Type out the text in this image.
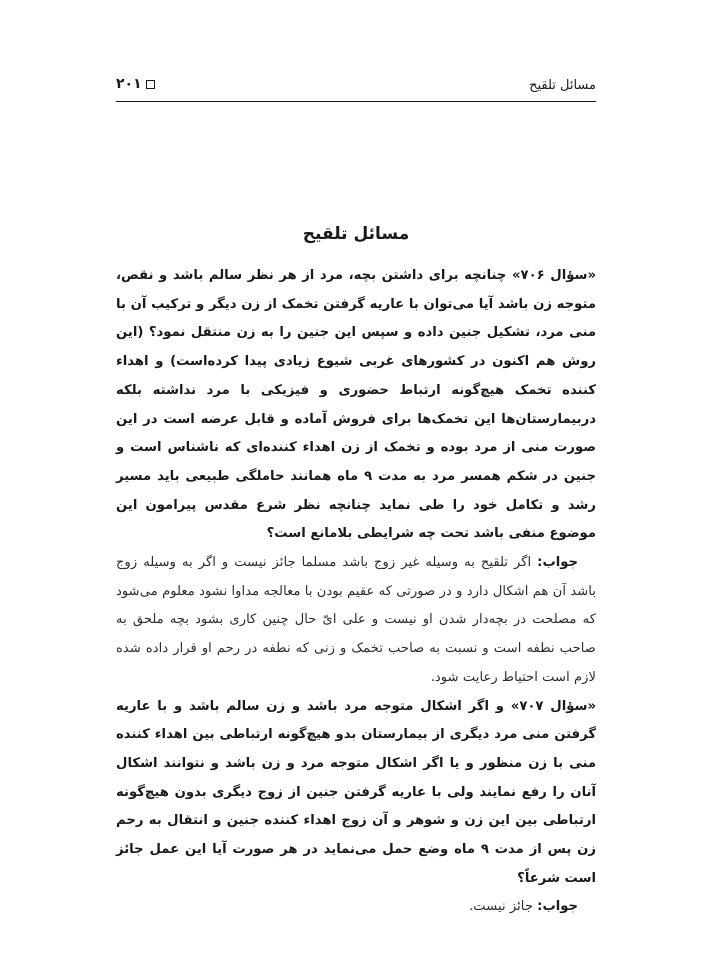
مسائل تلقیح
۲۰۱
مسائل تلقیح

«سؤال ۷۰۶» چنانچه برای داشتن بچه، مرد از هر نظر سالم باشد و نقص، متوجه زن باشد آیا می‌توان با عاریه گرفتن تخمک از زن دیگر و ترکیب آن با منی مرد، تشکیل جنین داده و سپس این جنین را به زن منتقل نمود؟ (این روش هم اکنون در کشورهای غربی شیوع زیادی پیدا کرده‌است) و اهداء کننده تخمک هیچ‌گونه ارتباط حضوری و فیزیکی با مرد نداشته بلکه دربیمارستان‌ها این تخمک‌ها برای فروش آماده و قابل عرضه است در این صورت منی از مرد بوده و تخمک از زن اهداء کننده‌ای که ناشناس است و جنین در شکم همسر مرد به مدت ۹ ماه همانند حاملگی طبیعی باید مسیر رشد و تکامل خود را طی نماید چنانچه نظر شرع مقدس پیرامون این موضوع منفی باشد تحت چه شرایطی بلامانع است؟

جواب: اگر تلقیح به وسیله غیر زوج باشد مسلما جائز نیست و اگر به وسیله زوج باشد آن هم اشکال دارد و در صورتی که عقیم بودن با معالجه مداوا نشود معلوم می‌شود که مصلحت در بچه‌دار شدن او نیست و علی ایّ حال چنین کاری بشود بچه ملحق به صاحب نطفه است و نسبت به صاحب تخمک و زنی که نطفه در رحم او قرار داده شده لازم است احتیاط رعایت شود.

«سؤال ۷۰۷» و اگر اشکال متوجه مرد باشد و زن سالم باشد و با عاریه گرفتن منی مرد دیگری از بیمارستان بدو هیچ‌گونه ارتباطی بین اهداء کننده منی با زن منظور و یا اگر اشکال متوجه مرد و زن باشد و نتوانند اشکال آنان را رفع نمایند ولی با عاریه گرفتن جنین از زوج دیگری بدون هیچ‌گونه ارتباطی بین این زن و شوهر و آن زوج اهداء کننده جنین و انتقال به رحم زن پس از مدت ۹ ماه وضع حمل می‌نماید در هر صورت آیا این عمل جائز است شرعاً؟

جواب: جائز نیست.
